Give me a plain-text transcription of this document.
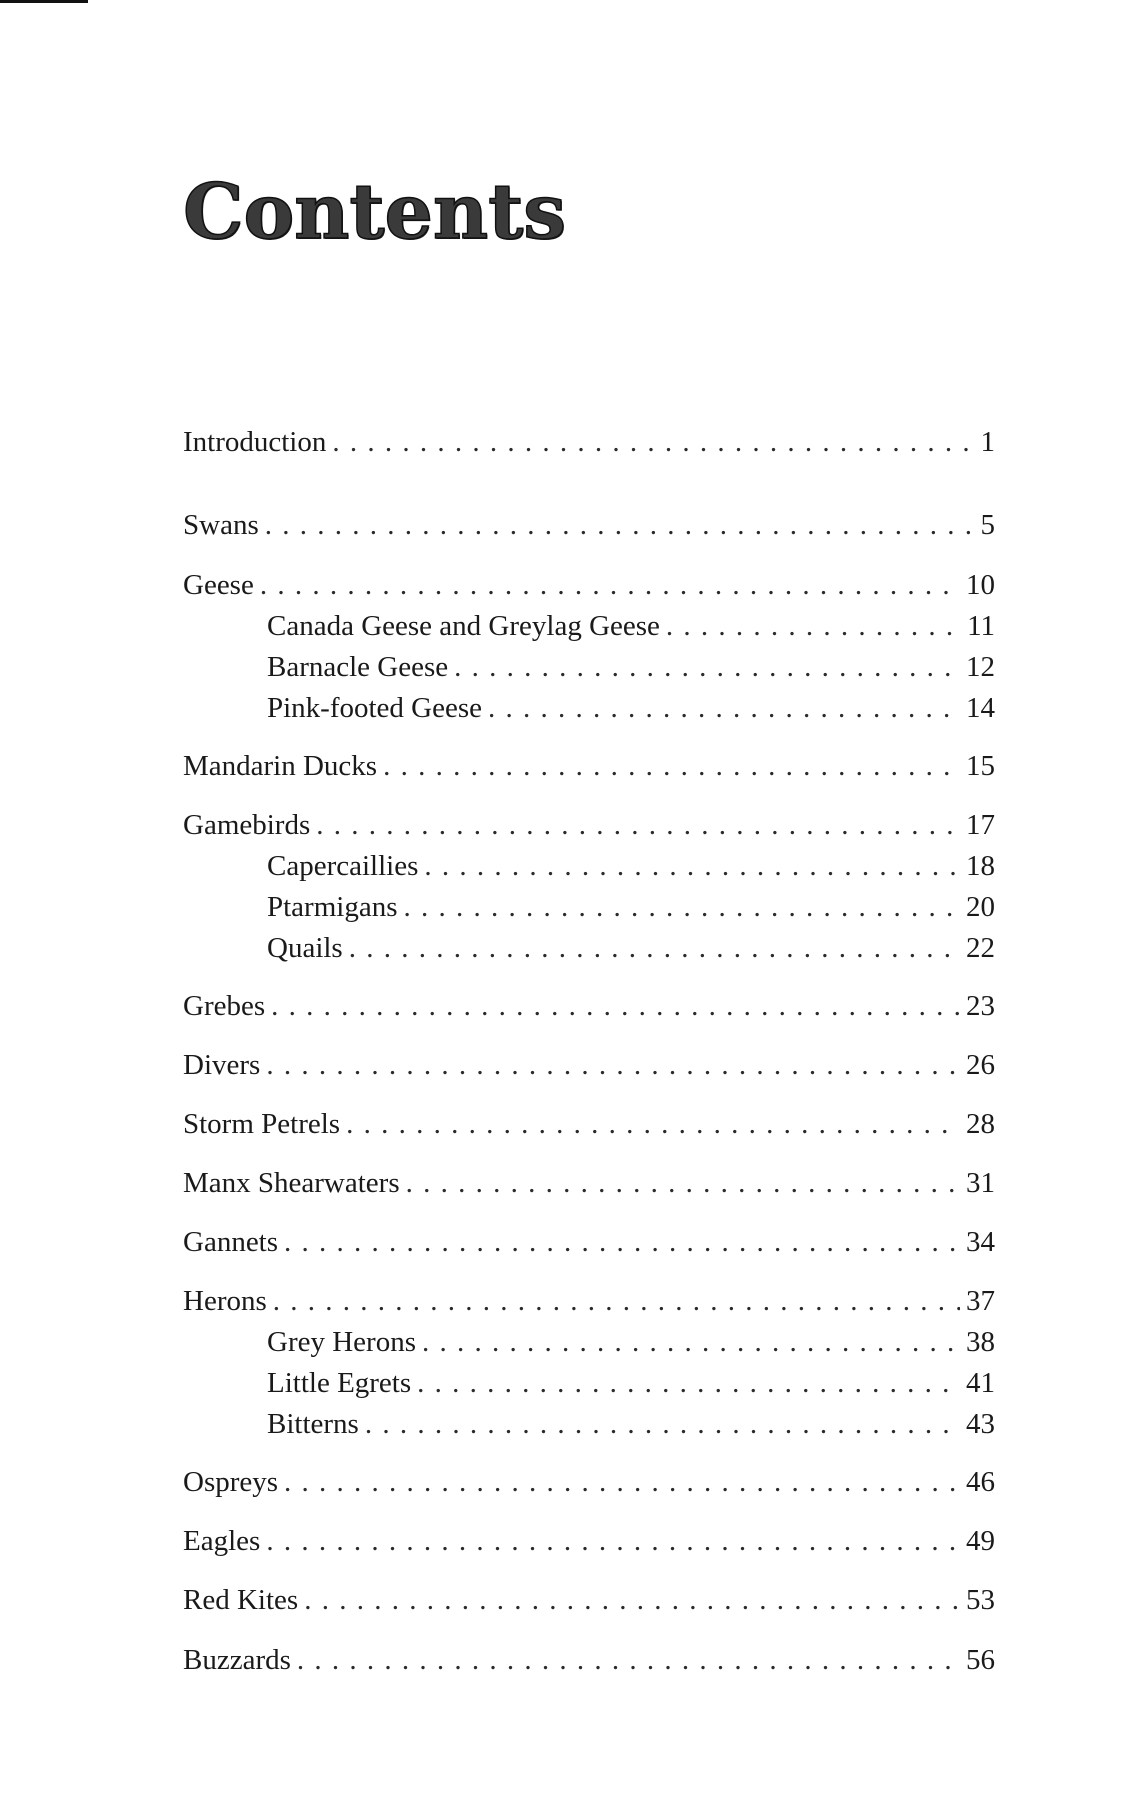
Contents
Introduction . . .	1
Swans . . .	5
Geese . . .	10
Canada Geese and Greylag Geese . . .	11
Barnacle Geese . . .	12
Pink-footed Geese . . .	14
Mandarin Ducks . . .	15
Gamebirds . . .	17
Capercaillies . . .	18
Ptarmigans . . .	20
Quails . . .	22
Grebes . . .	23
Divers . . .	26
Storm Petrels . . .	28
Manx Shearwaters . . .	31
Gannets . . .	34
Herons . . .	37
Grey Herons . . .	38
Little Egrets . . .	41
Bitterns . . .	43
Ospreys . . .	46
Eagles . . .	49
Red Kites . . .	53
Buzzards . . .	56
